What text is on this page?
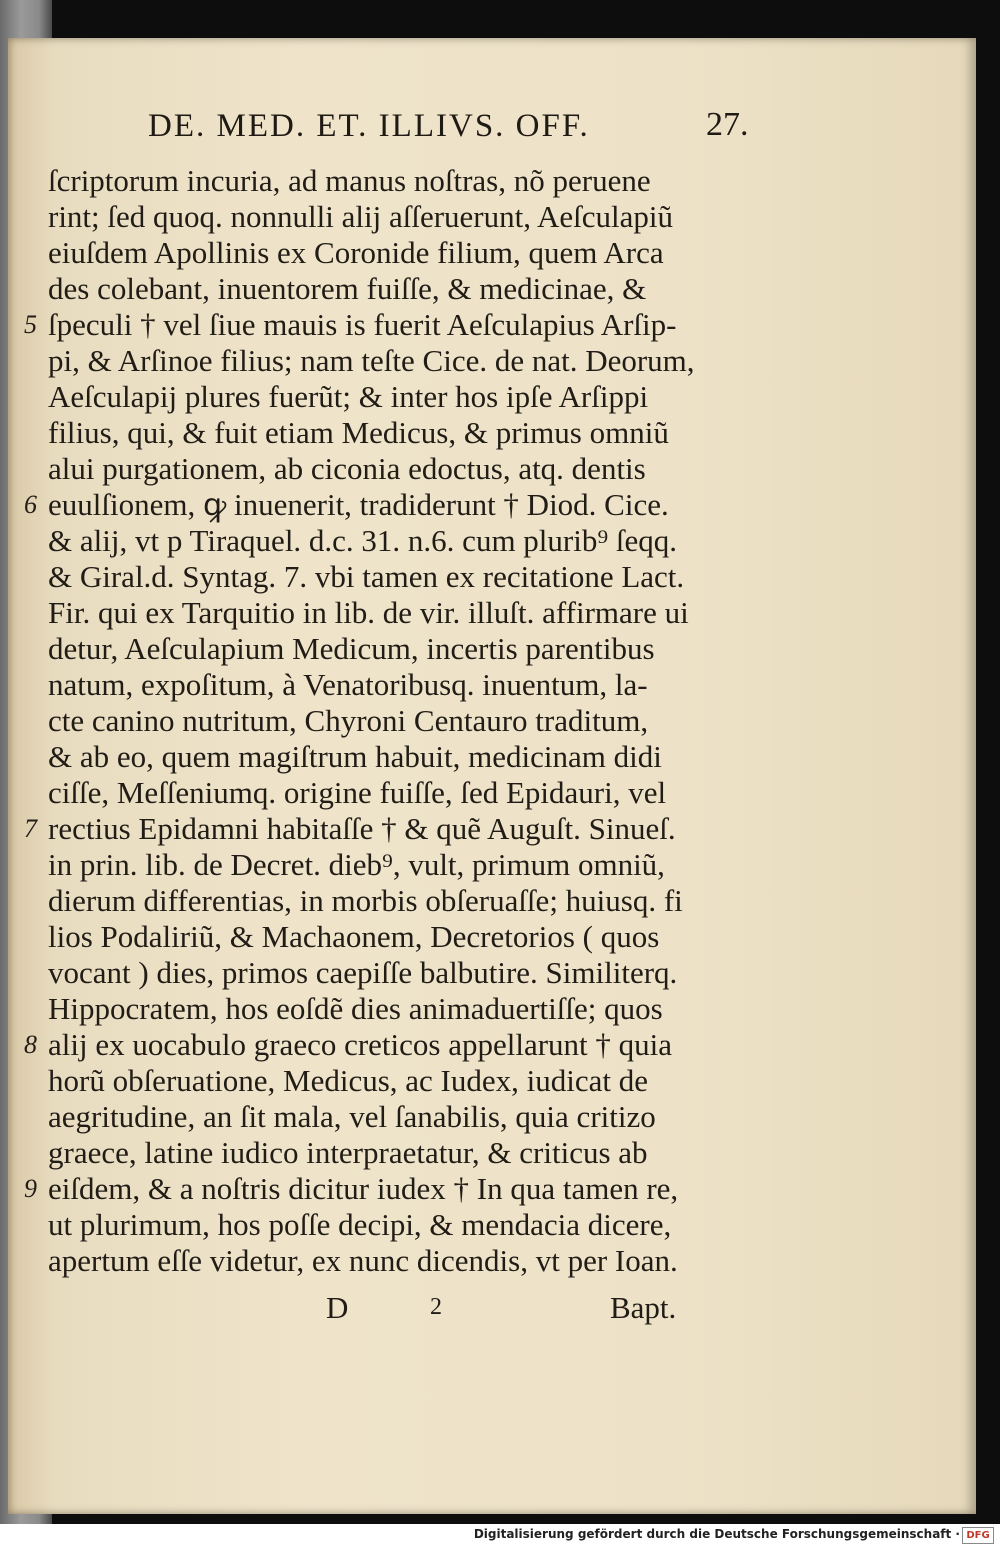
DE. MED. ET. ILLIVS. OFF.	27.
ſcriptorum incuria, ad manus noſtras, nõ peruene
rint; ſed quoq. nonnulli alij aſſeruerunt, Aeſculapiũ
eiuſdem Apollinis ex Coronide filium, quem Arca
des colebant, inuentorem fuiſſe, & medicinae, &
ſpeculi † vel ſiue mauis is fuerit Aeſculapius Arſip-
pi, & Arſinoe filius; nam teſte Cice. de nat. Deorum,
Aeſculapij plures fuerũt; & inter hos ipſe Arſippi
filius, qui, & fuit etiam Medicus, & primus omniũ
alui purgationem, ab ciconia edoctus, atq. dentis
euulſionem, ꝙ inuenerit, tradiderunt † Diod. Cice.
& alij, vt p Tiraquel. d.c. 31. n.6. cum plurib⁹ ſeqq.
& Giral.d. Syntag. 7. vbi tamen ex recitatione Lact.
Fir. qui ex Tarquitio in lib. de vir. illuſt. affirmare ui
detur, Aeſculapium Medicum, incertis parentibus
natum, expoſitum, à Venatoribusq. inuentum, la-
cte canino nutritum, Chyroni Centauro traditum,
& ab eo, quem magiſtrum habuit, medicinam didi
ciſſe, Meſſeniumq. origine fuiſſe, ſed Epidauri, vel
rectius Epidamni habitaſſe † & quẽ Auguſt. Sinueſ.
in prin. lib. de Decret. dieb⁹, vult, primum omniũ,
dierum differentias, in morbis obſeruaſſe; huiusq. fi
lios Podaliriũ, & Machaonem, Decretorios ( quos
vocant ) dies, primos caepiſſe balbutire. Similiterq.
Hippocratem, hos eoſdẽ dies animaduertiſſe; quos
alij ex uocabulo graeco creticos appellarunt † quia
horũ obſeruatione, Medicus, ac Iudex, iudicat de
aegritudine, an ſit mala, vel ſanabilis, quia critizo
graece, latine iudico interpraetatur, & criticus ab
eiſdem, & a noſtris dicitur iudex † In qua tamen re,
ut plurimum, hos poſſe decipi, & mendacia dicere,
apertum eſſe videtur, ex nunc dicendis, vt per Ioan.
5
6
7
8
9
D	2	Bapt.
Digitalisierung gefördert durch die Deutsche Forschungsgemeinschaft · DFG
